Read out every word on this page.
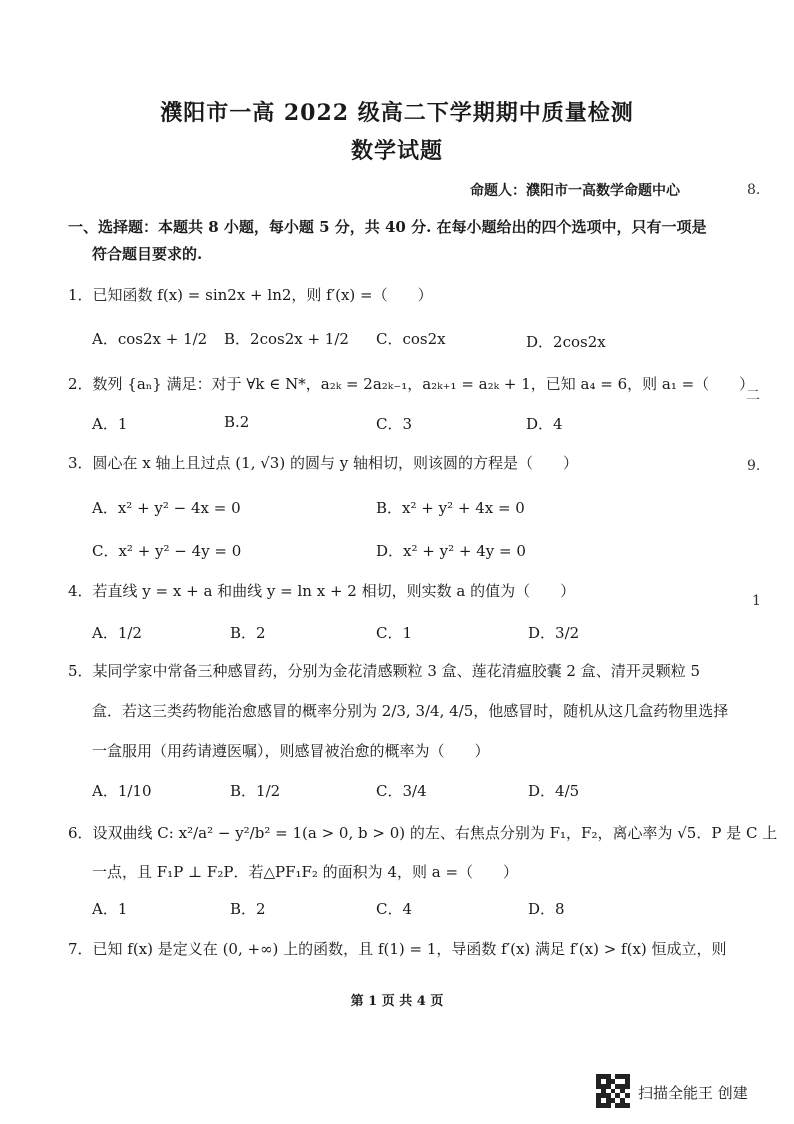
濮阳市一高 2022 级高二下学期期中质量检测
数学试题
命题人：濮阳市一高数学命题中心	8.
二
9.
1
一、选择题：本题共 8 小题，每小题 5 分，共 40 分. 在每小题给出的四个选项中，只有一项是
符合题目要求的.
1．已知函数 f(x) = sin2x + ln2，则 f′(x) =（　　）
A．cos2x + 1/2 B．2cos2x + 1/2 C．cos2x	D．2cos2x
2．数列 {aₙ} 满足：对于 ∀k ∈ N*，a₂ₖ = 2a₂ₖ₋₁，a₂ₖ₊₁ = a₂ₖ + 1，已知 a₄ = 6，则 a₁ =（　　）
A．1	B.2	C．3	D．4
3．圆心在 x 轴上且过点 (1, √3) 的圆与 y 轴相切，则该圆的方程是（　　）
A．x² + y² − 4x = 0	B．x² + y² + 4x = 0
C．x² + y² − 4y = 0	D．x² + y² + 4y = 0
4．若直线 y = x + a 和曲线 y = ln x + 2 相切，则实数 a 的值为（　　）
A．1/2	B．2	C．1	D．3/2
5．某同学家中常备三种感冒药，分别为金花清感颗粒 3 盒、莲花清瘟胶囊 2 盒、清开灵颗粒 5
盒．若这三类药物能治愈感冒的概率分别为 2/3, 3/4, 4/5，他感冒时，随机从这几盒药物里选择
一盒服用（用药请遵医嘱），则感冒被治愈的概率为（　　）
A．1/10	B．1/2	C．3/4	D．4/5
6．设双曲线 C: x²/a² − y²/b² = 1(a > 0, b > 0) 的左、右焦点分别为 F₁，F₂，离心率为 √5．P 是 C 上
一点，且 F₁P ⊥ F₂P．若△PF₁F₂ 的面积为 4，则 a =（　　）
A．1	B．2	C．4	D．8
7．已知 f(x) 是定义在 (0, +∞) 上的函数，且 f(1) = 1，导函数 f′(x) 满足 f′(x) > f(x) 恒成立，则
第 1 页 共 4 页
扫描全能王 创建
